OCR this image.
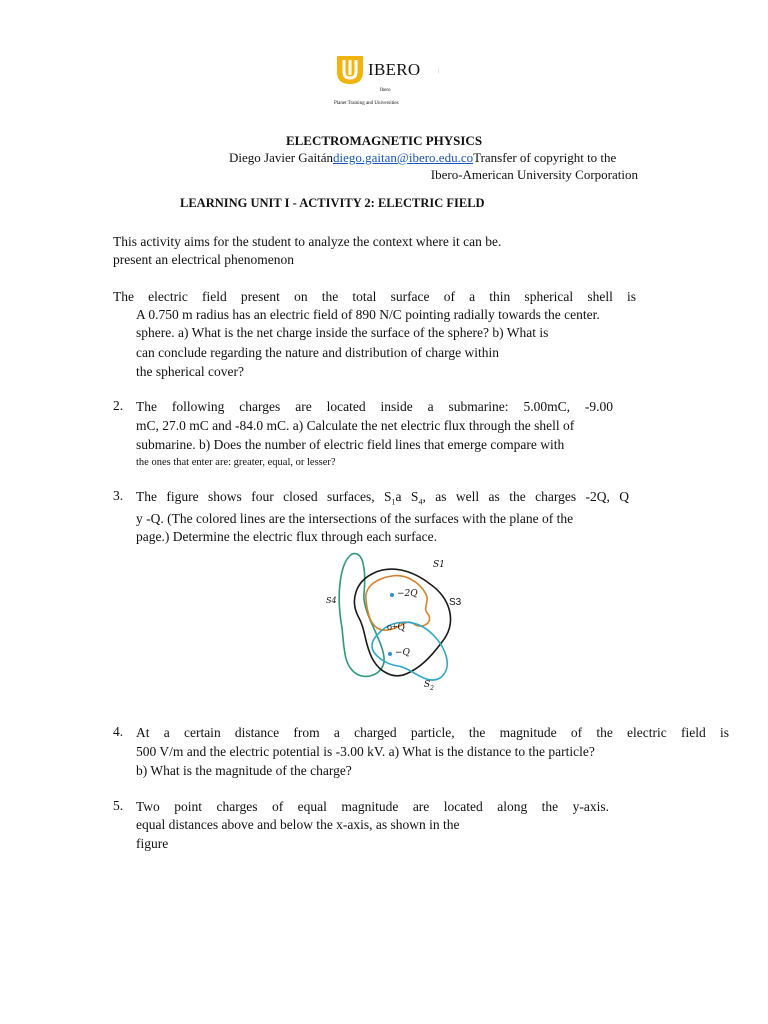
IBERO	|
Ibero
Planet Training and Universities
ELECTROMAGNETIC PHYSICS
Diego Javier Gaitándiego.gaitan@ibero.edu.coTransfer of copyright to the
Ibero-American University Corporation
LEARNING UNIT I - ACTIVITY 2: ELECTRIC FIELD

This activity aims for the student to analyze the context where it can be.

present an electrical phenomenon

The electric field present on the total surface of a thin spherical shell is

A 0.750 m radius has an electric field of 890 N/C pointing radially towards the center.

sphere. a) What is the net charge inside the surface of the sphere? b) What is

can conclude regarding the nature and distribution of charge within

the spherical cover?

2. The following charges are located inside a submarine: 5.00mC, -9.00

mC, 27.0 mC and -84.0 mC. a) Calculate the net electric flux through the shell of

submarine. b) Does the number of electric field lines that emerge compare with

the ones that enter are: greater, equal, or lesser?

3. The figure shows four closed surfaces, $S_1a$ $S_4$, as well as the charges -2Q, Q

y -Q. (The colored lines are the intersections of the surfaces with the plane of the

page.) Determine the electric flux through each surface.

S1
S3
S4
$S_2$
−2Q
o+Q
−Q
4. At a certain distance from a charged particle, the magnitude of the electric field is

500 V/m and the electric potential is -3.00 kV. a) What is the distance to the particle?

b) What is the magnitude of the charge?

5. Two point charges of equal magnitude are located along the y-axis.

equal distances above and below the x-axis, as shown in the

figure
